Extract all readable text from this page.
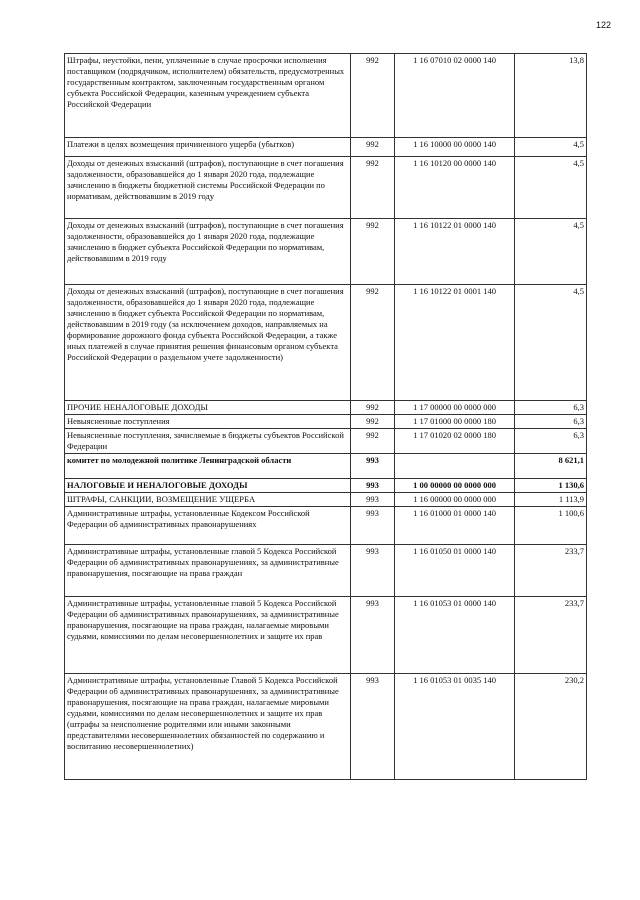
122
Штрафы, неустойки, пени, уплаченные в случае просрочки исполнения поставщиком (подрядчиком, исполнителем) обязательств, предусмотренных государственным контрактом, заключенным государственным органом субъекта Российской Федерации, казенным учреждением субъекта Российской Федерации	992	1 16 07010 02 0000 140	13,8
Платежи в целях возмещения причиненного ущерба (убытков)	992	1 16 10000 00 0000 140	4,5
Доходы от денежных взысканий (штрафов), поступающие в счет погашения задолженности, образовавшейся до 1 января 2020 года, подлежащие зачислению в бюджеты бюджетной системы Российской Федерации по нормативам, действовавшим в 2019 году	992	1 16 10120 00 0000 140	4,5
Доходы от денежных взысканий (штрафов), поступающие в счет погашения задолженности, образовавшейся до 1 января 2020 года, подлежащие зачислению в бюджет субъекта Российской Федерации по нормативам, действовавшим в 2019 году	992	1 16 10122 01 0000 140	4,5
Доходы от денежных взысканий (штрафов), поступающие в счет погашения задолженности, образовавшейся до 1 января 2020 года, подлежащие зачислению в бюджет субъекта Российской Федерации по нормативам, действовавшим в 2019 году (за исключением доходов, направляемых на формирование дорожного фонда субъекта Российской Федерации, а также иных платежей в случае принятия решения финансовым органом субъекта Российской Федерации о раздельном учете задолженности)	992	1 16 10122 01 0001 140	4,5
ПРОЧИЕ НЕНАЛОГОВЫЕ ДОХОДЫ	992	1 17 00000 00 0000 000	6,3
Невыясненные поступления	992	1 17 01000 00 0000 180	6,3
Невыясненные поступления, зачисляемые в бюджеты субъектов Российской Федерации	992	1 17 01020 02 0000 180	6,3
комитет по молодежной политике Ленинградской области	993		8 621,1
НАЛОГОВЫЕ И НЕНАЛОГОВЫЕ ДОХОДЫ	993	1 00 00000 00 0000 000	1 130,6
ШТРАФЫ, САНКЦИИ, ВОЗМЕЩЕНИЕ УЩЕРБА	993	1 16 00000 00 0000 000	1 113,9
Административные штрафы, установленные Кодексом Российской Федерации об административных правонарушениях	993	1 16 01000 01 0000 140	1 100,6
Административные штрафы, установленные главой 5 Кодекса Российской Федерации об административных правонарушениях, за административные правонарушения, посягающие на права граждан	993	1 16 01050 01 0000 140	233,7
Административные штрафы, установленные главой 5 Кодекса Российской Федерации об административных правонарушениях, за административные правонарушения, посягающие на права граждан, налагаемые мировыми судьями, комиссиями по делам несовершеннолетних и защите их прав	993	1 16 01053 01 0000 140	233,7
Административные штрафы, установленные Главой 5 Кодекса Российской Федерации об административных правонарушениях, за административные правонарушения, посягающие на права граждан, налагаемые мировыми судьями, комиссиями по делам несовершеннолетних и защите их прав (штрафы за неисполнение родителями или иными законными представителями несовершеннолетних обязанностей по содержанию и воспитанию несовершеннолетних)	993	1 16 01053 01 0035 140	230,2
